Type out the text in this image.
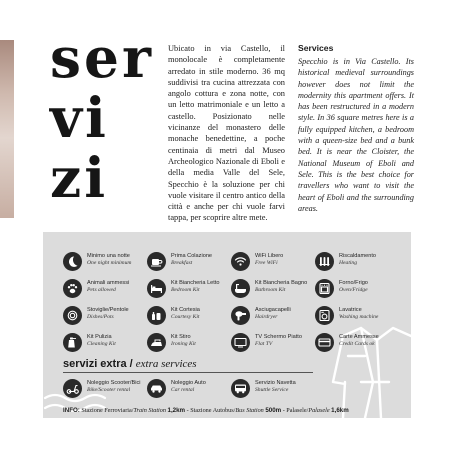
ser
vi
zi
Ubicato in via Castello, il monolocale è completamente arredato in stile moderno. 36 mq suddivisi tra cucina attrezzata con angolo cottura e zona notte, con un letto matrimoniale e un letto a castello. Posizionato nelle vicinanze del monastero delle monache benedettine, a poche centinaia di metri dal Museo Archeologico Nazionale di Eboli e della media Valle del Sele, Specchio è la soluzione per chi vuole visitare il centro antico della città e anche per chi vuole farvi tappa, per scoprire altre mete.
Services

Specchio is in Via Castello. Its historical medieval surroundings however does not limit the modernity this apartment offers. It has been restructured in a modern style. In 36 square metres here is a fully equipped kitchen, a bedroom with a queen-size bed and a bunk bed. It is near the Cloister, the National Museum of Eboli and Sele. This is the best choice for travellers who want to visit the heart of Eboli and the surrounding areas.

Minimo una notte
One night minimum
Prima Colazione
Breakfast
WiFi Libero
Free WiFi
Riscaldamento
Heating
Animali ammessi
Pets allowed
Kit Biancheria Letto
Bedroom Kit
Kit Biancheria Bagno
Bathroom Kit
Forno/Frigo
Oven/Fridge
Stoviglie/Pentole
Dishes/Pots
Kit Cortesia
Courtesy Kit
Asciugacapelli
Hairdryer
Lavatrice
Washing machine
Kit Pulizia
Cleaning Kit
Kit Stiro
Ironing Kit
TV Schermo Piatto
Flat TV
Carte Ammesse
Credit Cards ok
servizi extra / extra services
Noleggio Scooter/Bici
Bike/Scooter rental
Noleggio Auto
Car rental
Servizio Navetta
Shuttle Service
INFO: Stazione Ferroviaria/Train Station 1,2km - Stazione Autobus/Bus Station 500m - Palasele/Palasele 1,6km
